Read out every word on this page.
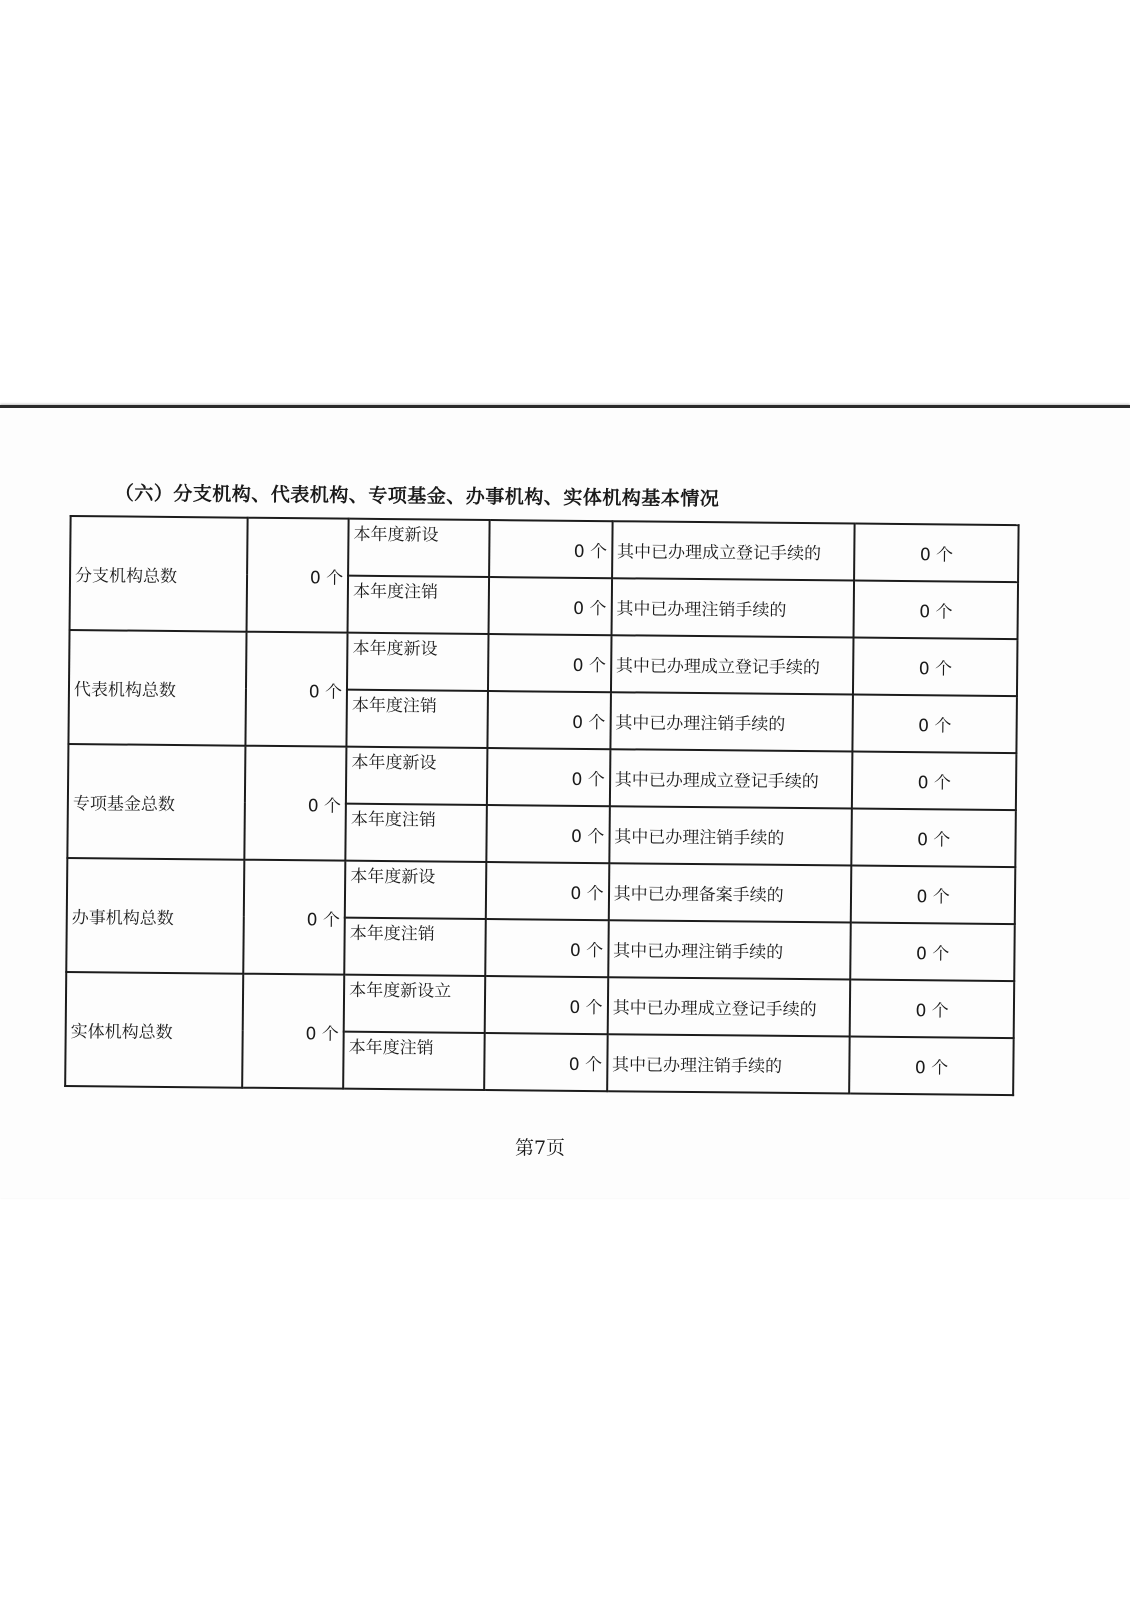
（六）分支机构、代表机构、专项基金、办事机构、实体机构基本情况
分支机构总数	0 个	本年度新设	0 个	其中已办理成立登记手续的	0 个
		本年度注销	0 个	其中已办理注销手续的	0 个
代表机构总数	0 个	本年度新设	0 个	其中已办理成立登记手续的	0 个
		本年度注销	0 个	其中已办理注销手续的	0 个
专项基金总数	0 个	本年度新设	0 个	其中已办理成立登记手续的	0 个
		本年度注销	0 个	其中已办理注销手续的	0 个
办事机构总数	0 个	本年度新设	0 个	其中已办理备案手续的	0 个
		本年度注销	0 个	其中已办理注销手续的	0 个
实体机构总数	0 个	本年度新设立	0 个	其中已办理成立登记手续的	0 个
		本年度注销	0 个	其中已办理注销手续的	0 个
第7页
